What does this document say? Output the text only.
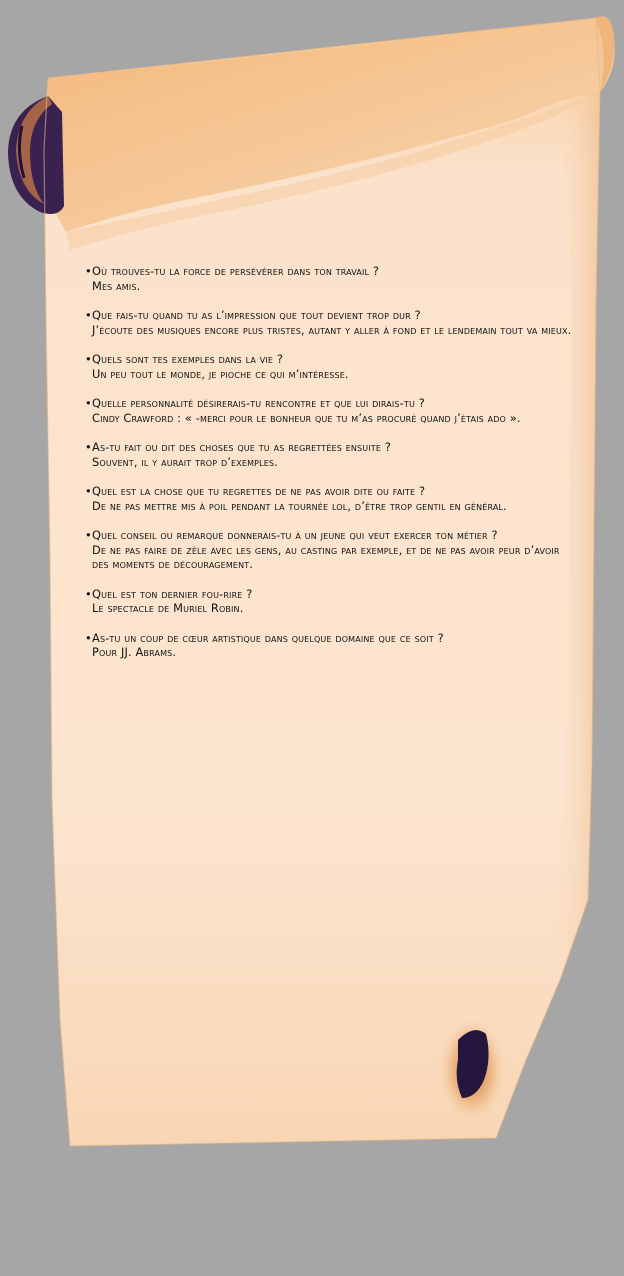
• Où trouves-tu la force de persévérer dans ton travail ?
Mes amis.
• Que fais-tu quand tu as l’impression que tout devient trop dur ?
J’écoute des musiques encore plus tristes, autant y aller à fond et le lendemain tout va mieux.
• Quels sont tes exemples dans la vie ?
Un peu tout le monde, je pioche ce qui m’intéresse.
• Quelle personnalité désirerais-tu rencontre et que lui dirais-tu ?
Cindy Crawford : « -merci pour le bonheur que tu m’as procuré quand j’étais ado ».
• As-tu fait ou dit des choses que tu as regrettées ensuite ?
Souvent, il y aurait trop d’exemples.
• Quel est la chose que tu regrettes de ne pas avoir dite ou faite ?
De ne pas mettre mis à poil pendant la tournée lol, d’être trop gentil en général.
• Quel conseil ou remarque donnerais-tu à un jeune qui veut exercer ton métier ?
De ne pas faire de zèle avec les gens, au casting par exemple, et de ne pas avoir peur d’avoir des moments de découragement.
• Quel est ton dernier fou-rire ?
Le spectacle de Muriel Robin.
• As-tu un coup de cœur artistique dans quelque domaine que ce soit ?
Pour JJ. Abrams.
